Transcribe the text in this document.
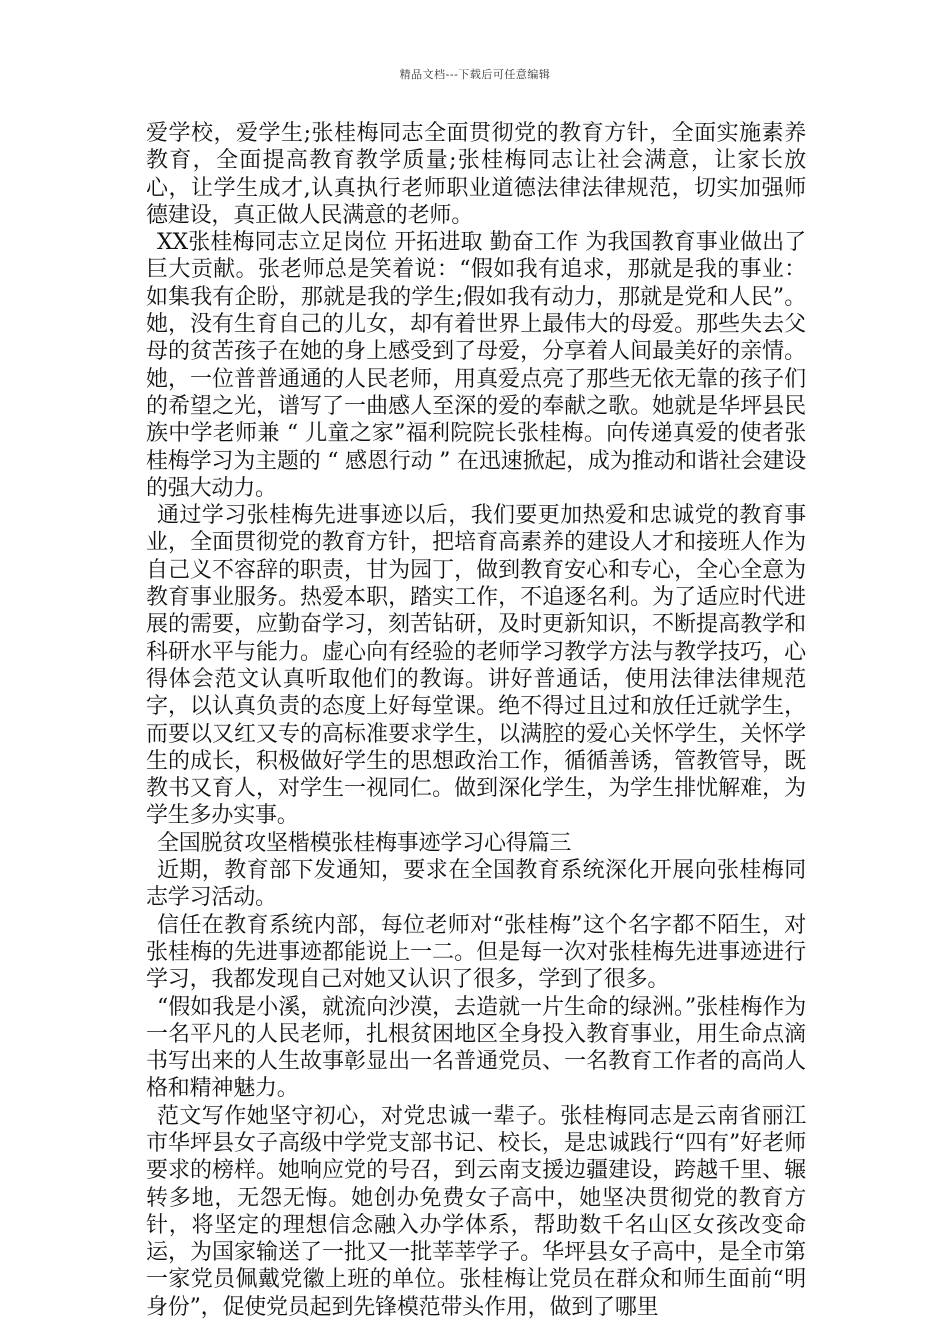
精品文档---下载后可任意编辑

爱学校，爱学生;张桂梅同志全面贯彻党的教育方针，全面实施素养教育，全面提高教育教学质量;张桂梅同志让社会满意，让家长放心，让学生成才,认真执行老师职业道德法律法律规范，切实加强师德建设，真正做人民满意的老师。

XX张桂梅同志立足岗位 开拓进取 勤奋工作 为我国教育事业做出了巨大贡献。张老师总是笑着说：“假如我有追求，那就是我的事业：如集我有企盼，那就是我的学生;假如我有动力，那就是党和人民”。她，没有生育自己的儿女，却有着世界上最伟大的母爱。那些失去父母的贫苦孩子在她的身上感受到了母爱，分享着人间最美好的亲情。她，一位普普通通的人民老师，用真爱点亮了那些无依无靠的孩子们的希望之光，谱写了一曲感人至深的爱的奉献之歌。她就是华坪县民族中学老师兼 “ 儿童之家”福利院院长张桂梅。向传递真爱的使者张桂梅学习为主题的 “ 感恩行动 ” 在迅速掀起，成为推动和谐社会建设的强大动力。

通过学习张桂梅先进事迹以后，我们要更加热爱和忠诚党的教育事业，全面贯彻党的教育方针，把培育高素养的建设人才和接班人作为自己义不容辞的职责，甘为园丁，做到教育安心和专心，全心全意为教育事业服务。热爱本职，踏实工作，不追逐名利。为了适应时代进展的需要，应勤奋学习，刻苦钻研，及时更新知识，不断提高教学和科研水平与能力。虚心向有经验的老师学习教学方法与教学技巧，心得体会范文认真听取他们的教诲。讲好普通话，使用法律法律规范字，以认真负责的态度上好每堂课。绝不得过且过和放任迁就学生，而要以又红又专的高标准要求学生，以满腔的爱心关怀学生，关怀学生的成长，积极做好学生的思想政治工作，循循善诱，管教管导，既教书又育人，对学生一视同仁。做到深化学生，为学生排忧解难，为学生多办实事。

全国脱贫攻坚楷模张桂梅事迹学习心得篇三

近期，教育部下发通知，要求在全国教育系统深化开展向张桂梅同志学习活动。

信任在教育系统内部，每位老师对“张桂梅”这个名字都不陌生，对张桂梅的先进事迹都能说上一二。但是每一次对张桂梅先进事迹进行学习，我都发现自己对她又认识了很多，学到了很多。

“假如我是小溪，就流向沙漠，去造就一片生命的绿洲。”张桂梅作为一名平凡的人民老师，扎根贫困地区全身投入教育事业，用生命点滴书写出来的人生故事彰显出一名普通党员、一名教育工作者的高尚人格和精神魅力。

范文写作她坚守初心，对党忠诚一辈子。张桂梅同志是云南省丽江市华坪县女子高级中学党支部书记、校长，是忠诚践行“四有”好老师要求的榜样。她响应党的号召，到云南支援边疆建设，跨越千里、辗转多地，无怨无悔。她创办免费女子高中，她坚决贯彻党的教育方针，将坚定的理想信念融入办学体系，帮助数千名山区女孩改变命运，为国家输送了一批又一批莘莘学子。华坪县女子高中，是全市第一家党员佩戴党徽上班的单位。张桂梅让党员在群众和师生面前“明身份”，促使党员起到先锋模范带头作用，做到了哪里
